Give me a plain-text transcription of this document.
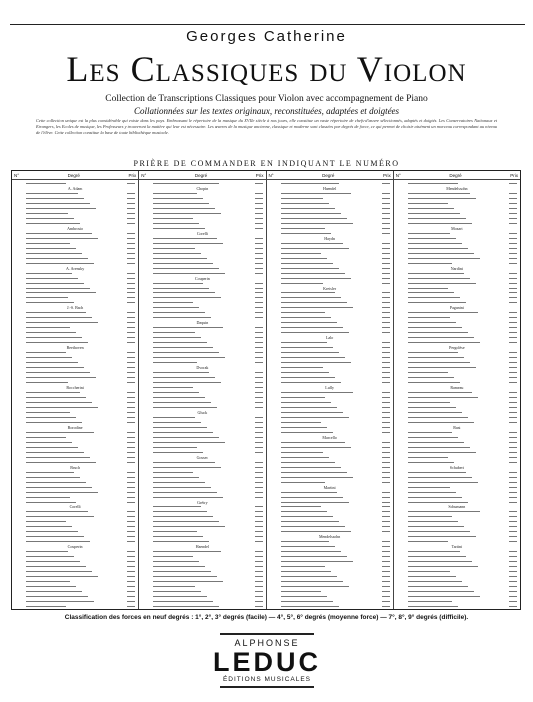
Georges Catherine
Les Classiques du Violon
Collection de Transcriptions Classiques pour Violon avec accompagnement de Piano
Collationnées sur les textes originaux, reconstituées, adaptées et doigtées
Cette collection unique est la plus considérable qui existe dans les pays. Embrassant le répertoire de la musique du XVIIe siècle à nos jours, elle constitue un vaste répertoire de chefs-d'œuvre sélectionnés, adaptés et doigtés. Les Conservatoires Nationaux et Etrangers, les Ecoles de musique, les Professeurs y trouveront la matière qui leur est nécessaire. Les œuvres de la musique ancienne, classique et moderne sont classées par degrés de force, ce qui permet de choisir aisément un morceau correspondant au niveau de l'élève. Cette collection constitue la base de toute bibliothèque musicale.
PRIÈRE DE COMMANDER EN INDIQUANT LE NUMÉRO
N°	Degré	Prix
A. Adam
Ambrosio
A. Arensky
J.-S. Bach
Beethoven
Boccherini
Borodine
Bruch
Corelli
Couperin
N°	Degré	Prix
Chopin
Corelli
Couperin
Daquin
Dvorak
Gluck
Gossec
Grétry
Haendel
N°	Degré	Prix
Haendel
Haydn
Kreisler
Lalo
Lully
Marcello
Martini
Mendelssohn
N°	Degré	Prix
Mendelssohn
Mozart
Nardini
Paganini
Pergolèse
Rameau
Rust
Schubert
Schumann
Tartini
Classification des forces en neuf degrés : 1°, 2°, 3° degrés (facile) — 4°, 5°, 6° degrés (moyenne force) — 7°, 8°, 9° degrés (difficile).
ALPHONSE
LEDUC
ÉDITIONS MUSICALES
